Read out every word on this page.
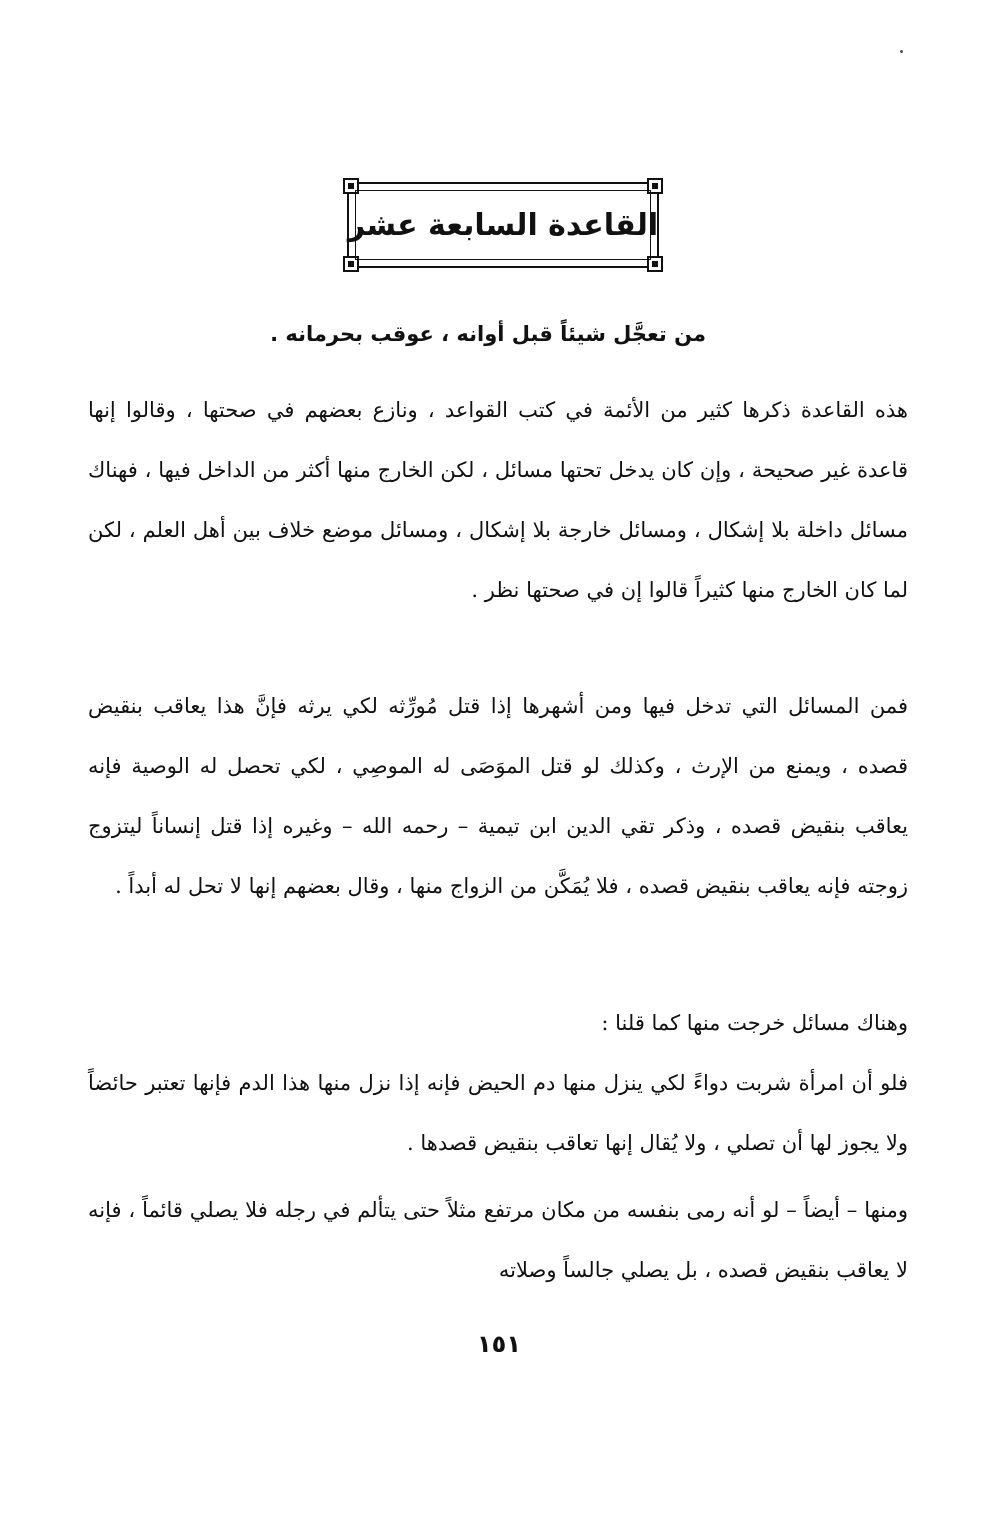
القاعدة السابعة عشر
من تعجَّل شيئاً قبل أوانه ، عوقب بحرمانه .

هذه القاعدة ذكرها كثير من الأئمة في كتب القواعد ، ونازع بعضهم في صحتها ، وقالوا إنها قاعدة غير صحيحة ، وإن كان يدخل تحتها مسائل ، لكن الخارج منها أكثر من الداخل فيها ، فهناك مسائل داخلة بلا إشكال ، ومسائل خارجة بلا إشكال ، ومسائل موضع خلاف بين أهل العلم ، لكن لما كان الخارج منها كثيراً قالوا إن في صحتها نظر .

فمن المسائل التي تدخل فيها ومن أشهرها إذا قتل مُورِّثه لكي يرثه فإنَّ هذا يعاقب بنقيض قصده ، ويمنع من الإرث ، وكذلك لو قتل الموَصَى له الموصِي ، لكي تحصل له الوصية فإنه يعاقب بنقيض قصده ، وذكر تقي الدين ابن تيمية – رحمه الله – وغيره إذا قتل إنساناً ليتزوج زوجته فإنه يعاقب بنقيض قصده ، فلا يُمَكَّن من الزواج منها ، وقال بعضهم إنها لا تحل له أبداً .

وهناك مسائل خرجت منها كما قلنا :

فلو أن امرأة شربت دواءً لكي ينزل منها دم الحيض فإنه إذا نزل منها هذا الدم فإنها تعتبر حائضاً ولا يجوز لها أن تصلي ، ولا يُقال إنها تعاقب بنقيض قصدها .

ومنها – أيضاً – لو أنه رمى بنفسه من مكان مرتفع مثلاً حتى يتألم في رجله فلا يصلي قائماً ، فإنه لا يعاقب بنقيض قصده ، بل يصلي جالساً وصلاته

١٥١
